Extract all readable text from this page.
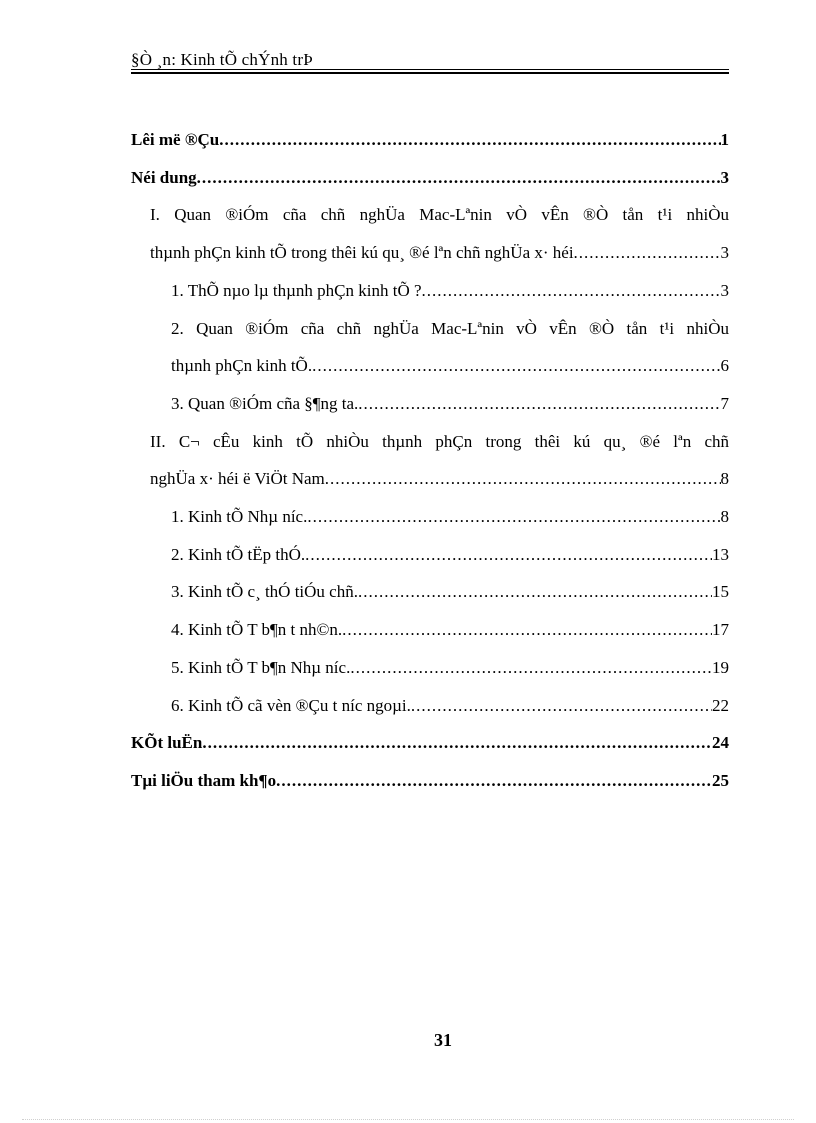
§Ò ¸n: Kinh tÕ chÝnh trÞ
Lêi më ®Çu .....	1
Néi dung .....	3
I. Quan ®iÓm cña chñ nghÜa Mac-Lªnin vÒ vÊn ®Ò tån t¹i nhiÒu
thµnh phÇn kinh tÕ trong thêi kú qu¸ ®é lªn chñ nghÜa x· héi .....	3
1. ThÕ nµo lµ thµnh phÇn kinh tÕ ? .....	3
2. Quan ®iÓm cña chñ nghÜa Mac-Lªnin vÒ vÊn ®Ò tån t¹i nhiÒu
thµnh phÇn kinh tÕ. .....	6
3. Quan ®iÓm cña §¶ng ta. .....	7
II. C¬ cÊu kinh tÕ nhiÒu thµnh phÇn trong thêi kú qu¸ ®é lªn chñ
nghÜa x· héi ë ViÖt Nam .....	8
1. Kinh tÕ Nhµ níc. .....	8
2. Kinh tÕ tËp thÓ. .....	13
3. Kinh tÕ c¸ thÓ tiÓu chñ. .....	15
4. Kinh tÕ T b¶n t nh©n. .....	17
5. Kinh tÕ T b¶n Nhµ níc. .....	19
6. Kinh tÕ cã vèn ®Çu t níc ngoµi. .....	22
KÕt luËn .....	24
Tµi liÖu tham kh¶o .....	25
31
